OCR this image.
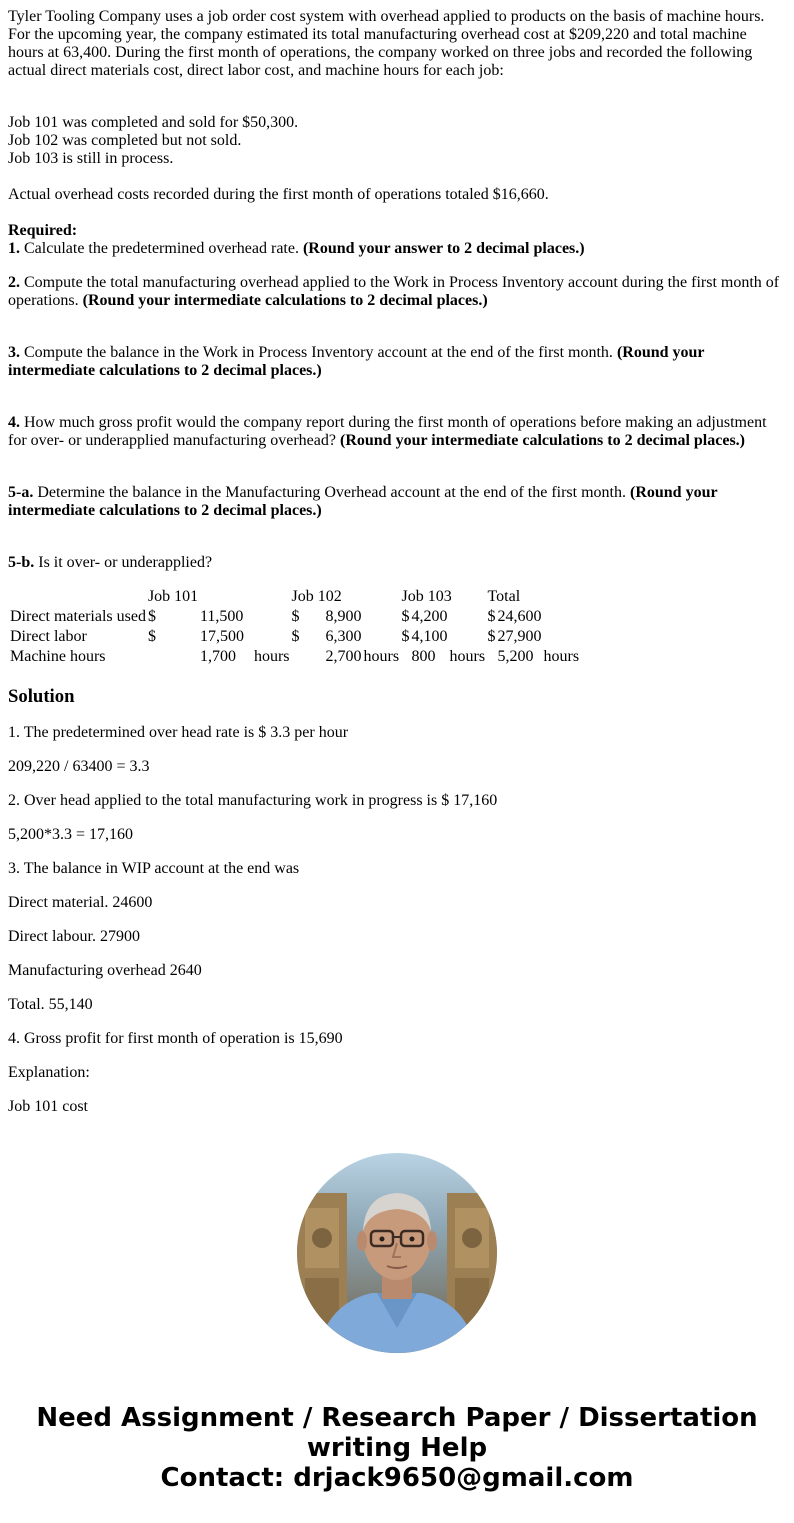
Tyler Tooling Company uses a job order cost system with overhead applied to products on the basis of machine hours. For the upcoming year, the company estimated its total manufacturing overhead cost at $209,220 and total machine hours at 63,400. During the first month of operations, the company worked on three jobs and recorded the following actual direct materials cost, direct labor cost, and machine hours for each job:

Job 101 was completed and sold for $50,300.

Job 102 was completed but not sold.

Job 103 is still in process.

Actual overhead costs recorded during the first month of operations totaled $16,660.

Required:
1. Calculate the predetermined overhead rate. (Round your answer to 2 decimal places.)

2. Compute the total manufacturing overhead applied to the Work in Process Inventory account during the first month of operations. (Round your intermediate calculations to 2 decimal places.)

3. Compute the balance in the Work in Process Inventory account at the end of the first month. (Round your intermediate calculations to 2 decimal places.)

4. How much gross profit would the company report during the first month of operations before making an adjustment for over- or underapplied manufacturing overhead? (Round your intermediate calculations to 2 decimal places.)

5-a. Determine the balance in the Manufacturing Overhead account at the end of the first month. (Round your intermediate calculations to 2 decimal places.)

5-b. Is it over- or underapplied?

	Job 101			Job 102			Job 103			Total		
Direct materials used	$	11,500		$	8,900		$	4,200		$	24,600	
Direct labor	$	17,500		$	6,300		$	4,100		$	27,900	
Machine hours		1,700	hours		2,700	hours		800	hours		5,200	hours
Solution

1. The predetermined over head rate is $ 3.3 per hour

209,220 / 63400 = 3.3

2. Over head applied to the total manufacturing work in progress is $ 17,160

5,200*3.3 = 17,160

3. The balance in WIP account at the end was

Direct material. 24600

Direct labour. 27900

Manufacturing overhead 2640

Total. 55,140

4. Gross profit for first month of operation is 15,690

Explanation:

Job 101 cost

Need Assignment / Research Paper / Dissertation
writing Help
Contact: drjack9650@gmail.com
